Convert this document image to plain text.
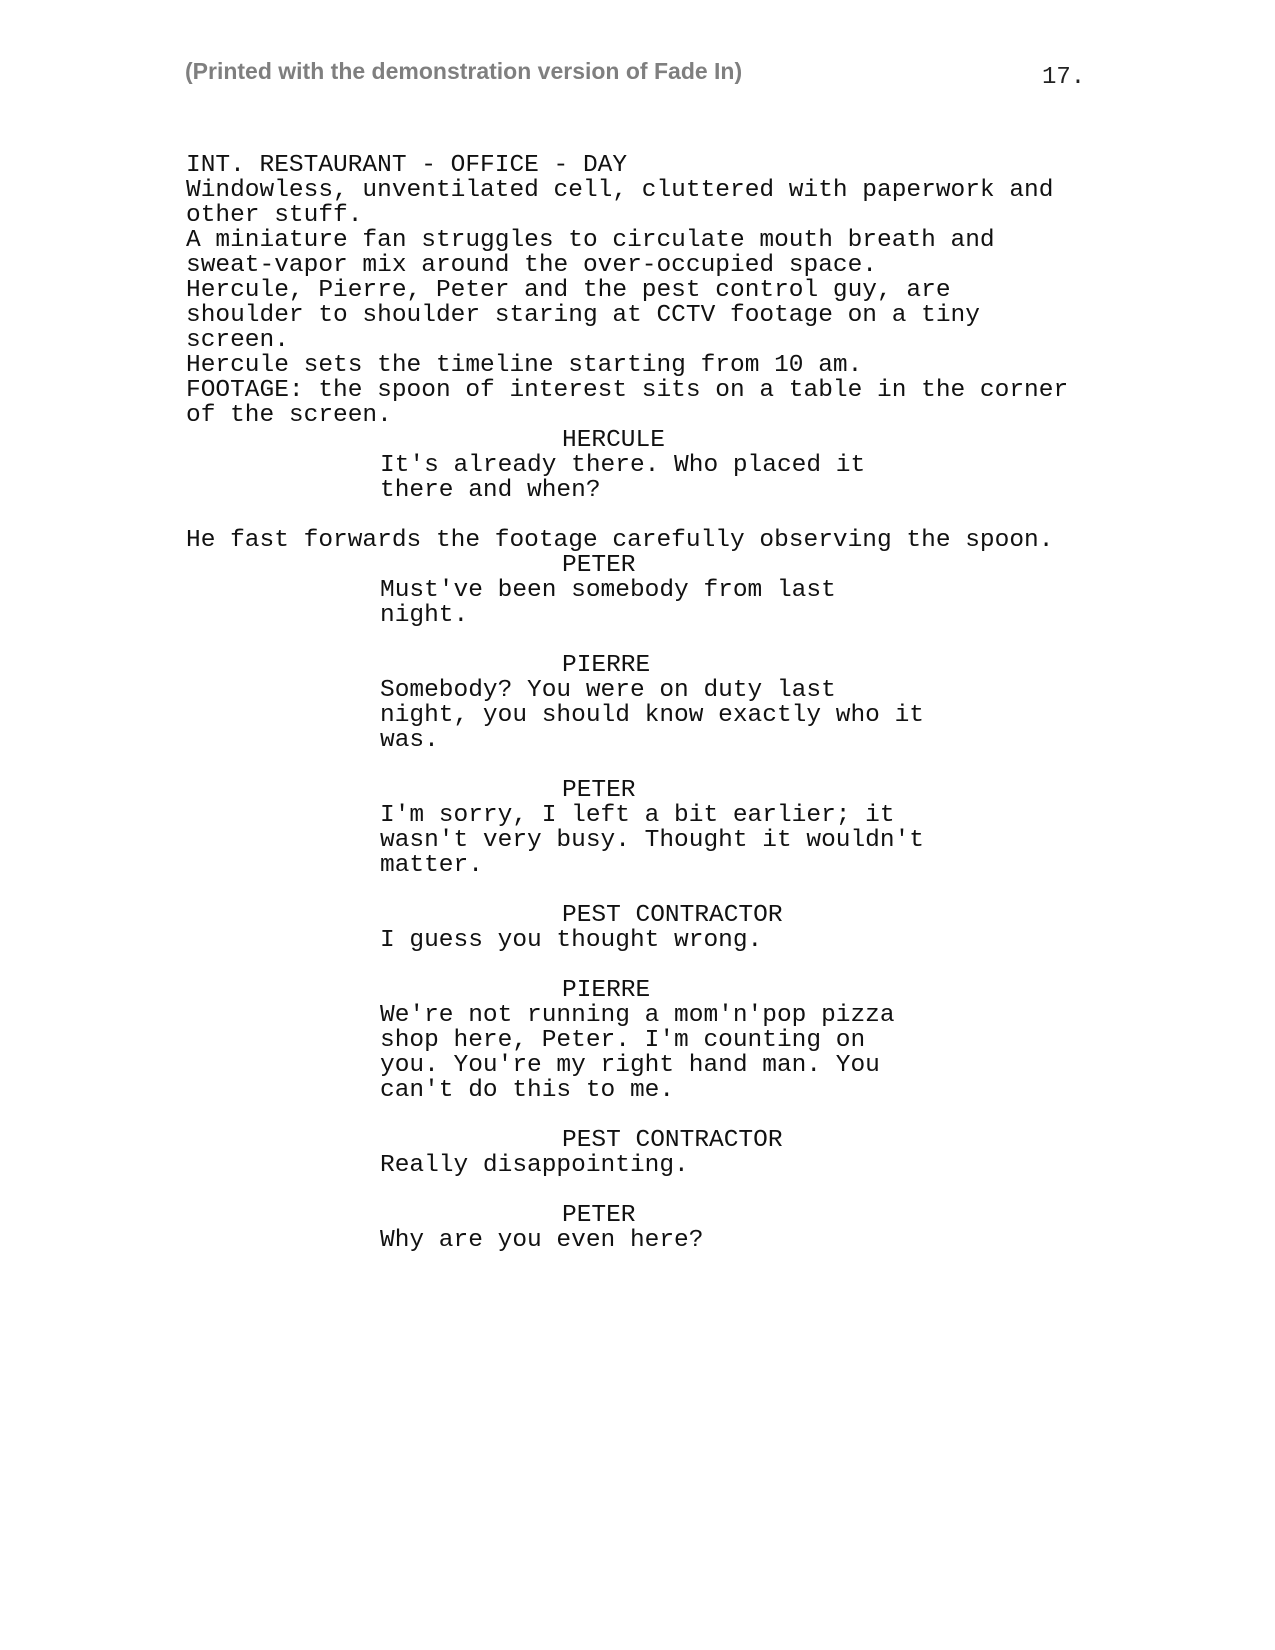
(Printed with the demonstration version of Fade In)	17.

INT. RESTAURANT - OFFICE - DAY

Windowless, unventilated cell, cluttered with paperwork and
other stuff.

A miniature fan struggles to circulate mouth breath and
sweat-vapor mix around the over-occupied space.

Hercule, Pierre, Peter and the pest control guy, are
shoulder to shoulder staring at CCTV footage on a tiny
screen.

Hercule sets the timeline starting from 10 am.

FOOTAGE: the spoon of interest sits on a table in the corner
of the screen.

HERCULE

It's already there. Who placed it
there and when?

He fast forwards the footage carefully observing the spoon.

PETER

Must've been somebody from last
night.

PIERRE

Somebody? You were on duty last
night, you should know exactly who it
was.

PETER

I'm sorry, I left a bit earlier; it
wasn't very busy. Thought it wouldn't
matter.

PEST CONTRACTOR

I guess you thought wrong.

PIERRE

We're not running a mom'n'pop pizza
shop here, Peter. I'm counting on
you. You're my right hand man. You
can't do this to me.

PEST CONTRACTOR

Really disappointing.

PETER

Why are you even here?
